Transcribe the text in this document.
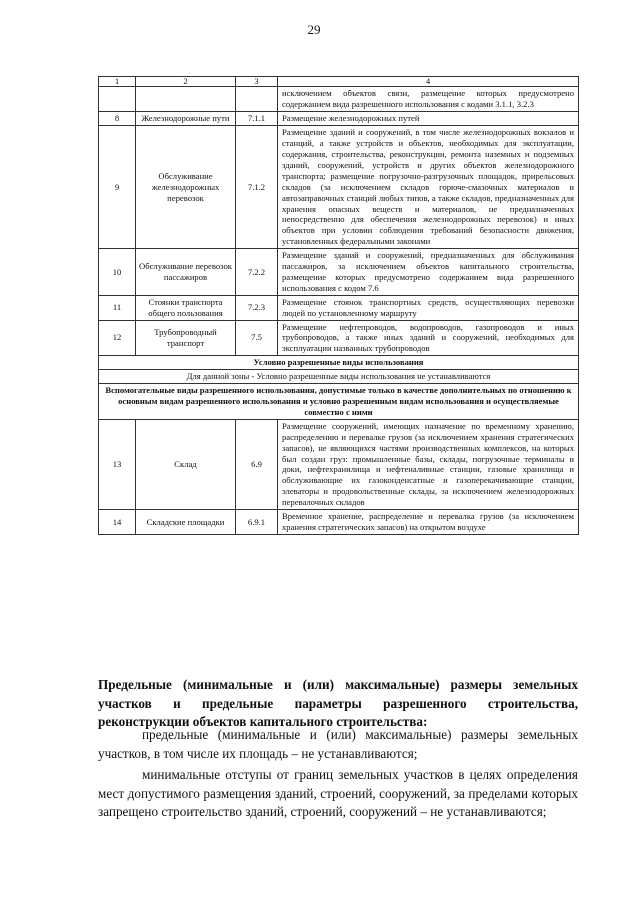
29
1	2	3	4
			исключением объектов связи, размещение которых предусмотрено содержанием вида разрешенного использования с кодами 3.1.1, 3.2.3
8	Железнодорожные пути	7.1.1	Размещение железнодорожных путей
9	Обслуживание железнодорожных перевозок	7.1.2	Размещение зданий и сооружений, в том числе железнодорожных вокзалов и станций, а также устройств и объектов, необходимых для эксплуатации, содержания, строительства, реконструкции, ремонта наземных и подземных зданий, сооружений, устройств и других объектов железнодорожного транспорта; размещение погрузочно-разгрузочных площадок, прирельсовых складов (за исключением складов горюче-смазочных материалов и автозаправочных станций любых типов, а также складов, предназначенных для хранения опасных веществ и материалов, не предназначенных непосредственно для обеспечения железнодорожных перевозок) и иных объектов при условии соблюдения требований безопасности движения, установленных федеральными законами
10	Обслуживание перевозок пассажиров	7.2.2	Размещение зданий и сооружений, предназначенных для обслуживания пассажиров, за исключением объектов капитального строительства, размещение которых предусмотрено содержанием вида разрешенного использования с кодом 7.6
11	Стоянки транспорта общего пользования	7.2.3	Размещение стоянок транспортных средств, осуществляющих перевозки людей по установленному маршруту
12	Трубопроводный транспорт	7.5	Размещение нефтепроводов, водопроводов, газопроводов и иных трубопроводов, а также иных зданий и сооружений, необходимых для эксплуатации названных трубопроводов
Условно разрешенные виды использования			
Для данной зоны - Условно разрешенные виды использования не устанавливаются			
Вспомогательные виды разрешенного использования, допустимые только в качестве дополнительных по отношению к основным видам разрешенного использования и условно разрешенным видам использования и осуществляемые совместно с ними			
13	Склад	6.9	Размещение сооружений, имеющих назначение по временному хранению, распределению и перевалке грузов (за исключением хранения стратегических запасов), не являющихся частями производственных комплексов, на которых был создан груз: промышленные базы, склады, погрузочные терминалы и доки, нефтехранилища и нефтеналивные станции, газовые хранилища и обслуживающие их газоконденсатные и газоперекачивающие станции, элеваторы и продовольственные склады, за исключением железнодорожных перевалочных складов
14	Складские площадки	6.9.1	Временное хранение, распределение и перевалка грузов (за исключением хранения стратегических запасов) на открытом воздухе
Предельные (минимальные и (или) максимальные) размеры земельных участков и предельные параметры разрешенного строительства, реконструкции объектов капитального строительства:
предельные (минимальные и (или) максимальные) размеры земельных участков, в том числе их площадь – не устанавливаются;
минимальные отступы от границ земельных участков в целях определения мест допустимого размещения зданий, строений, сооружений, за пределами которых запрещено строительство зданий, строений, сооружений – не устанавливаются;
